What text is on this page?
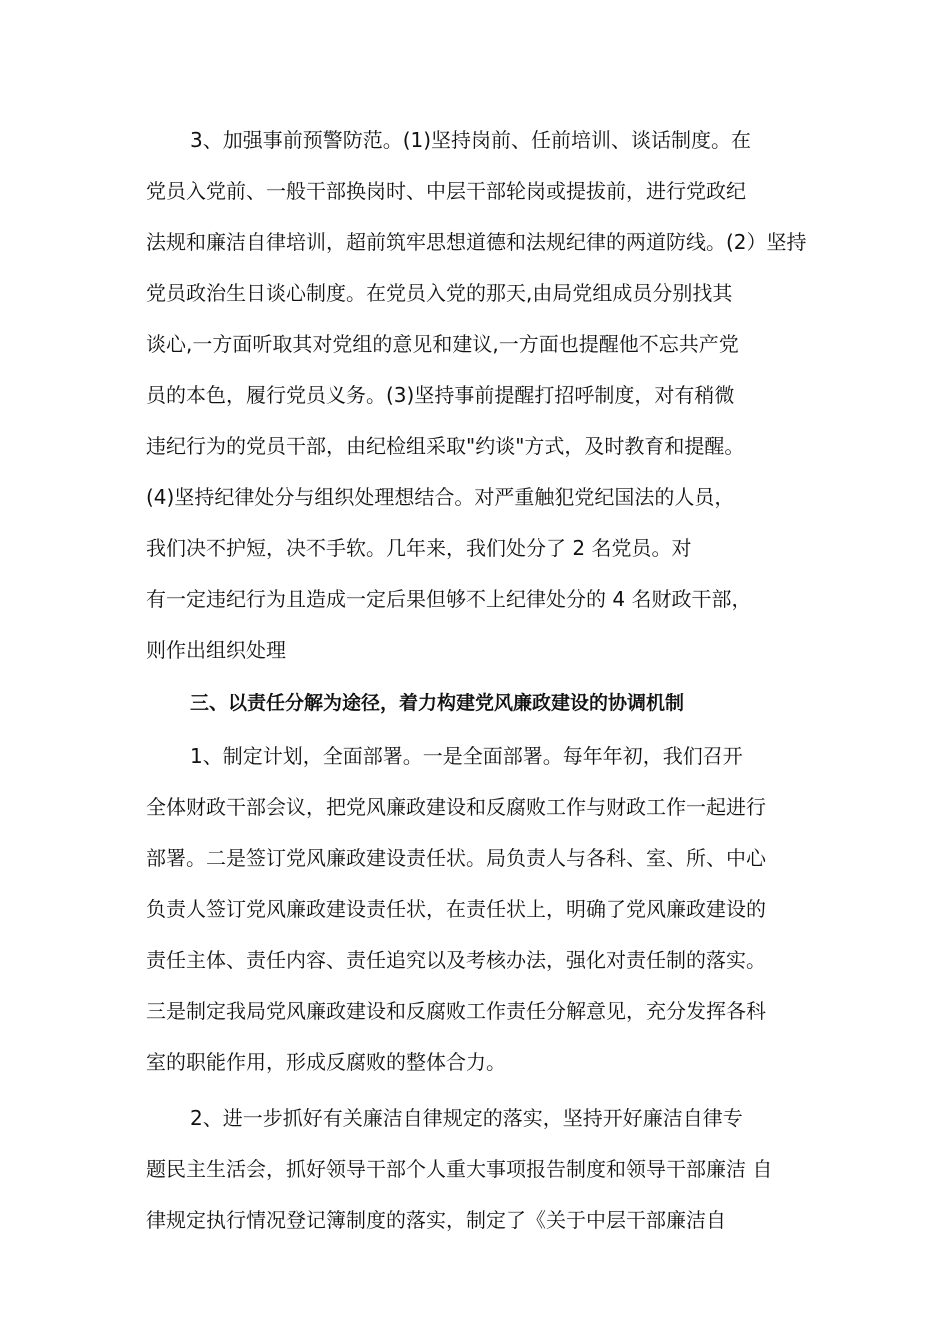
3、加强事前预警防范。(1)坚持岗前、任前培训、谈话制度。在
党员入党前、一般干部换岗时、中层干部轮岗或提拔前，进行党政纪
法规和廉洁自律培训，超前筑牢思想道德和法规纪律的两道防线。(2）坚持
党员政治生日谈心制度。在党员入党的那天,由局党组成员分别找其
谈心,一方面听取其对党组的意见和建议,一方面也提醒他不忘共产党
员的本色，履行党员义务。(3)坚持事前提醒打招呼制度，对有稍微
违纪行为的党员干部，由纪检组采取"约谈"方式，及时教育和提醒。
(4)坚持纪律处分与组织处理想结合。对严重触犯党纪国法的人员，
我们决不护短，决不手软。几年来，我们处分了 2 名党员。对
有一定违纪行为且造成一定后果但够不上纪律处分的 4 名财政干部，
则作出组织处理
三、以责任分解为途径，着力构建党风廉政建设的协调机制
1、制定计划，全面部署。一是全面部署。每年年初，我们召开
全体财政干部会议，把党风廉政建设和反腐败工作与财政工作一起进行
部署。二是签订党风廉政建设责任状。局负责人与各科、室、所、中心
负责人签订党风廉政建设责任状，在责任状上，明确了党风廉政建设的
责任主体、责任内容、责任追究以及考核办法，强化对责任制的落实。
三是制定我局党风廉政建设和反腐败工作责任分解意见，充分发挥各科
室的职能作用，形成反腐败的整体合力。
2、进一步抓好有关廉洁自律规定的落实，坚持开好廉洁自律专
题民主生活会，抓好领导干部个人重大事项报告制度和领导干部廉洁 自
律规定执行情况登记簿制度的落实，制定了《关于中层干部廉洁自
